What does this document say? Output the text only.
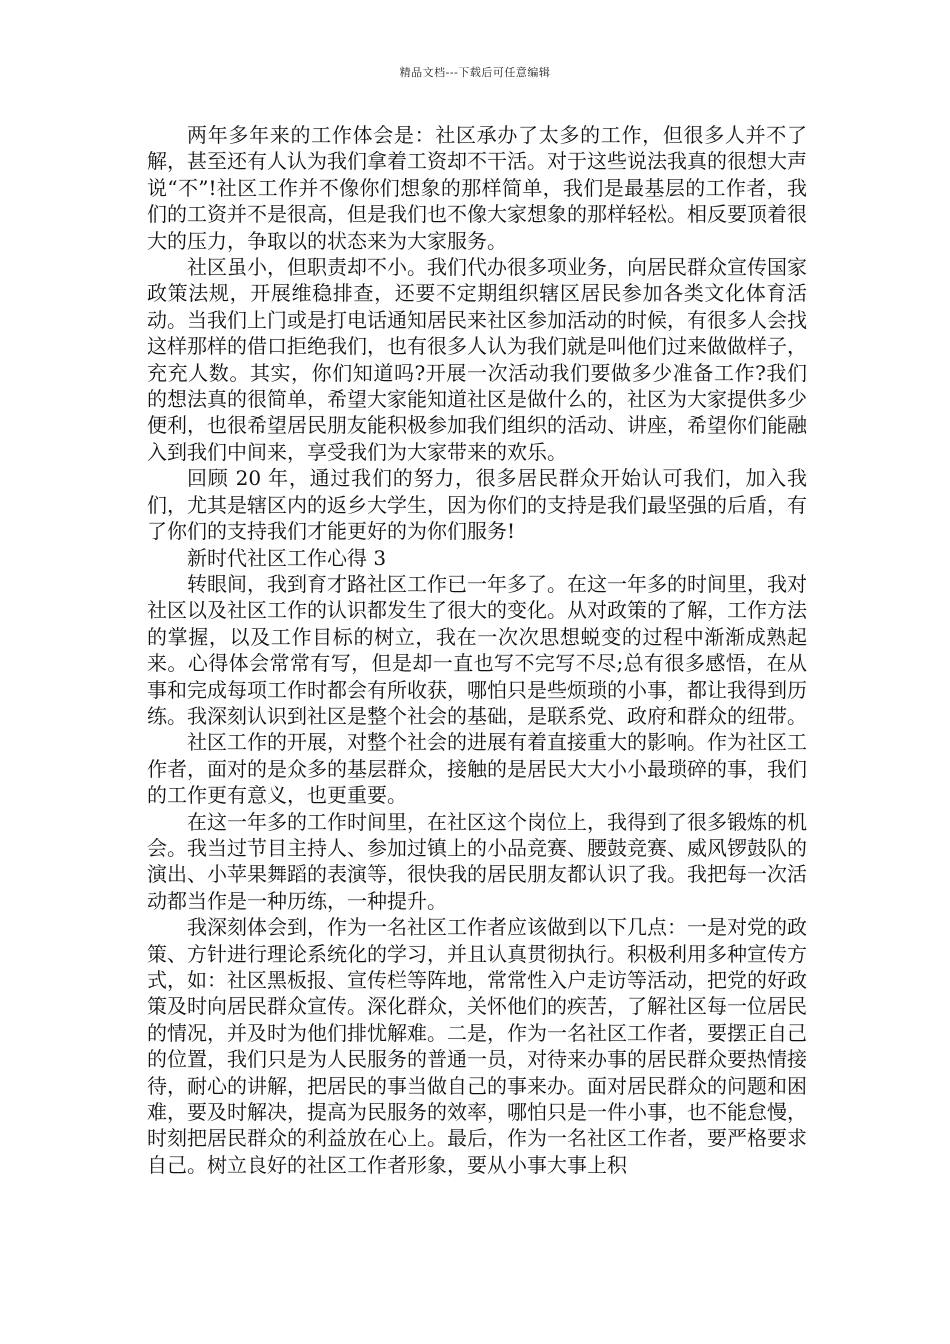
精品文档---下载后可任意编辑

两年多年来的工作体会是：社区承办了太多的工作，但很多人并不了解，甚至还有人认为我们拿着工资却不干活。对于这些说法我真的很想大声说“不”!社区工作并不像你们想象的那样简单，我们是最基层的工作者，我们的工资并不是很高，但是我们也不像大家想象的那样轻松。相反要顶着很大的压力，争取以的状态来为大家服务。

社区虽小，但职责却不小。我们代办很多项业务，向居民群众宣传国家政策法规，开展维稳排查，还要不定期组织辖区居民参加各类文化体育活动。当我们上门或是打电话通知居民来社区参加活动的时候，有很多人会找这样那样的借口拒绝我们，也有很多人认为我们就是叫他们过来做做样子，充充人数。其实，你们知道吗?开展一次活动我们要做多少准备工作?我们的想法真的很简单，希望大家能知道社区是做什么的，社区为大家提供多少便利，也很希望居民朋友能积极参加我们组织的活动、讲座，希望你们能融入到我们中间来，享受我们为大家带来的欢乐。

回顾 20 年，通过我们的努力，很多居民群众开始认可我们，加入我们，尤其是辖区内的返乡大学生，因为你们的支持是我们最坚强的后盾，有了你们的支持我们才能更好的为你们服务!

新时代社区工作心得 3

转眼间，我到育才路社区工作已一年多了。在这一年多的时间里，我对社区以及社区工作的认识都发生了很大的变化。从对政策的了解，工作方法的掌握，以及工作目标的树立，我在一次次思想蜕变的过程中渐渐成熟起来。心得体会常常有写，但是却一直也写不完写不尽;总有很多感悟，在从事和完成每项工作时都会有所收获，哪怕只是些烦琐的小事，都让我得到历练。我深刻认识到社区是整个社会的基础，是联系党、政府和群众的纽带。

社区工作的开展，对整个社会的进展有着直接重大的影响。作为社区工作者，面对的是众多的基层群众，接触的是居民大大小小最琐碎的事，我们的工作更有意义，也更重要。

在这一年多的工作时间里，在社区这个岗位上，我得到了很多锻炼的机会。我当过节目主持人、参加过镇上的小品竞赛、腰鼓竞赛、威风锣鼓队的演出、小苹果舞蹈的表演等，很快我的居民朋友都认识了我。我把每一次活动都当作是一种历练，一种提升。

我深刻体会到，作为一名社区工作者应该做到以下几点：一是对党的政策、方针进行理论系统化的学习，并且认真贯彻执行。积极利用多种宣传方式，如：社区黑板报、宣传栏等阵地，常常性入户走访等活动，把党的好政策及时向居民群众宣传。深化群众，关怀他们的疾苦，了解社区每一位居民的情况，并及时为他们排忧解难。二是，作为一名社区工作者，要摆正自己的位置，我们只是为人民服务的普通一员，对待来办事的居民群众要热情接待，耐心的讲解，把居民的事当做自己的事来办。面对居民群众的问题和困难，要及时解决，提高为民服务的效率，哪怕只是一件小事，也不能怠慢，时刻把居民群众的利益放在心上。最后，作为一名社区工作者，要严格要求自己。树立良好的社区工作者形象，要从小事大事上积
